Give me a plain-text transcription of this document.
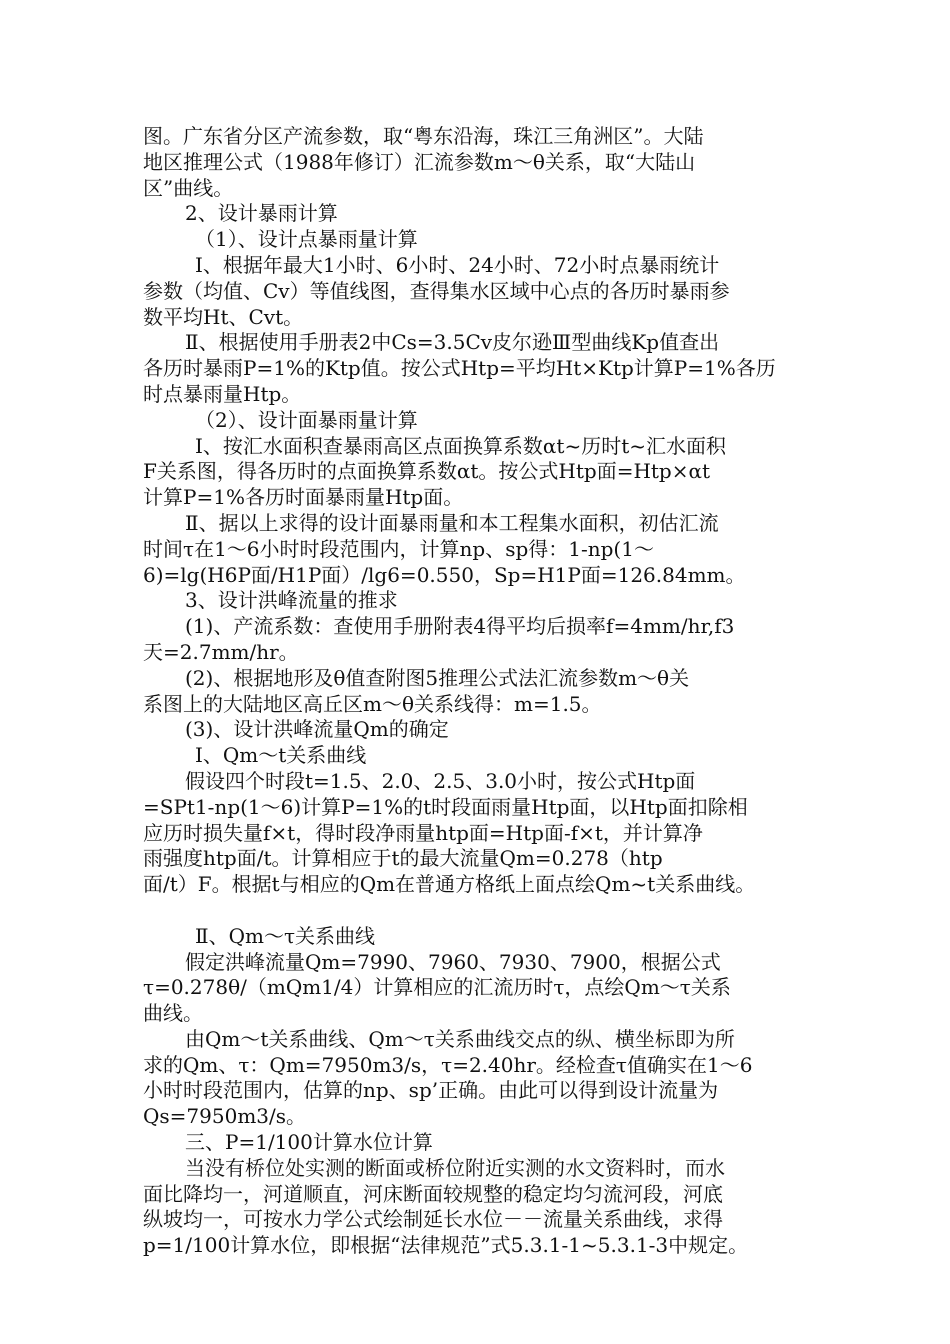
图。广东省分区产流参数，取“粤东沿海，珠江三角洲区”。大陆
地区推理公式（1988年修订）汇流参数m～θ关系，取“大陆山
区”曲线。
2、设计暴雨计算
（1）、设计点暴雨量计算
Ⅰ、根据年最大1小时、6小时、24小时、72小时点暴雨统计
参数（均值、Cv）等值线图，查得集水区域中心点的各历时暴雨参
数平均Ht、Cvt。
Ⅱ、根据使用手册表2中Cs=3.5Cv皮尔逊Ⅲ型曲线Kp值查出
各历时暴雨P=1%的Ktp值。按公式Htp=平均Ht×Ktp计算P=1%各历
时点暴雨量Htp。
（2）、设计面暴雨量计算
Ⅰ、按汇水面积查暴雨高区点面换算系数αt~历时t~汇水面积
F关系图，得各历时的点面换算系数αt。按公式Htp面=Htp×αt
计算P=1%各历时面暴雨量Htp面。
Ⅱ、据以上求得的设计面暴雨量和本工程集水面积，初估汇流
时间τ在1～6小时时段范围内，计算np、sp得：1-np(1～
6)=lg(H6P面/H1P面）/lg6=0.550，Sp=H1P面=126.84mm。
3、设计洪峰流量的推求
(1)、产流系数：查使用手册附表4得平均后损率f=4mm/hr,f3
天=2.7mm/hr。
(2)、根据地形及θ值查附图5推理公式法汇流参数m～θ关
系图上的大陆地区高丘区m～θ关系线得：m=1.5。
(3)、设计洪峰流量Qm的确定
Ⅰ、Qm～t关系曲线
假设四个时段t=1.5、2.0、2.5、3.0小时，按公式Htp面
=SPt1-np(1～6)计算P=1%的t时段面雨量Htp面，以Htp面扣除相
应历时损失量f×t，得时段净雨量htp面=Htp面-f×t，并计算净
雨强度htp面/t。计算相应于t的最大流量Qm=0.278（htp
面/t）F。根据t与相应的Qm在普通方格纸上面点绘Qm~t关系曲线。
Ⅱ、Qm～τ关系曲线
假定洪峰流量Qm=7990、7960、7930、7900，根据公式
τ=0.278θ/（mQm1/4）计算相应的汇流历时τ，点绘Qm～τ关系
曲线。
由Qm～t关系曲线、Qm～τ关系曲线交点的纵、横坐标即为所
求的Qm、τ：Qm=7950m3/s，τ=2.40hr。经检查τ值确实在1～6
小时时段范围内，估算的np、sp’正确。由此可以得到设计流量为
Qs=7950m3/s。
三、P=1/100计算水位计算
当没有桥位处实测的断面或桥位附近实测的水文资料时，而水
面比降均一，河道顺直，河床断面较规整的稳定均匀流河段，河底
纵坡均一，可按水力学公式绘制延长水位－－流量关系曲线，求得
p=1/100计算水位，即根据“法律规范”式5.3.1-1~5.3.1-3中规定。
